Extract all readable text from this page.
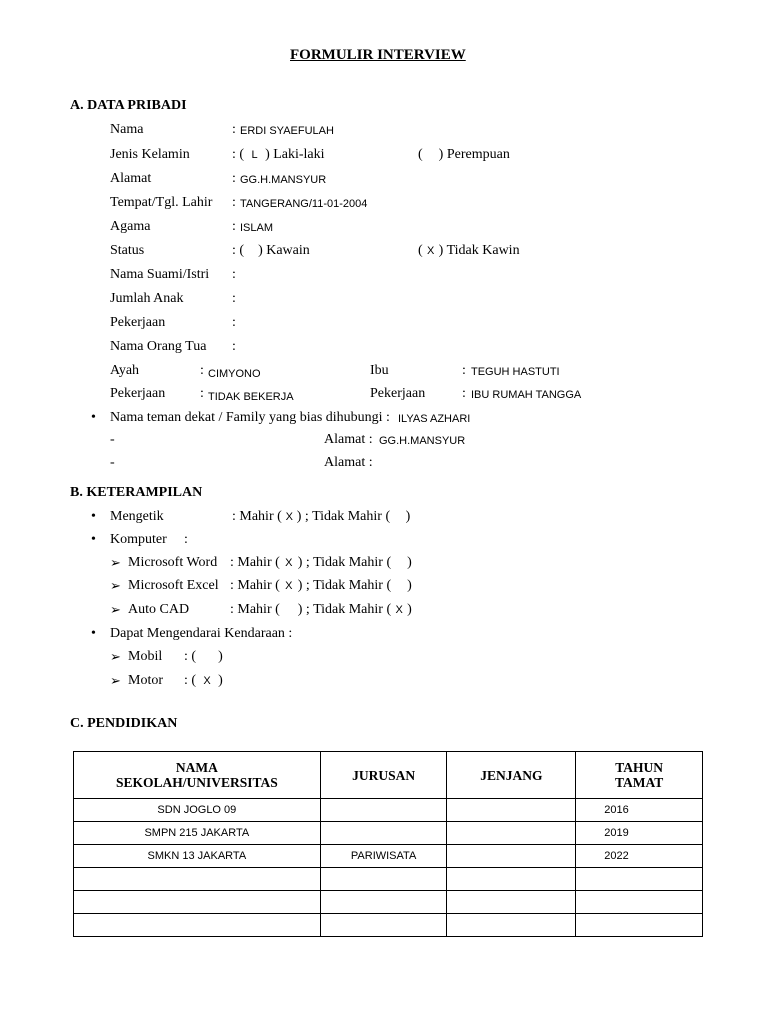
FORMULIR INTERVIEW
A. DATA PRIBADI
Nama	: ERDI SYAEFULAH
Jenis Kelamin	: ( L ) Laki-laki	( ) Perempuan
Alamat	: GG.H.MANSYUR
Tempat/Tgl. Lahir : TANGERANG/11-01-2004
Agama	: ISLAM
Status	: ( ) Kawain	( X ) Tidak Kawin
Nama Suami/Istri :
Jumlah Anak	:
Pekerjaan	:
Nama Orang Tua :
Ayah	: CIMYONO	Ibu	: TEGUH HASTUTI
Pekerjaan : TIDAK BEKERJA	Pekerjaan	: IBU RUMAH TANGGA
• Nama teman dekat / Family yang bias dihubungi : ILYAS AZHARI
-	Alamat : GG.H.MANSYUR
-	Alamat :
B. KETERAMPILAN
• Mengetik	: Mahir ( X ) ; Tidak Mahir ( )
• Komputer :
➢ Microsoft Word : Mahir ( X ) ; Tidak Mahir ( )
➢ Microsoft Excel : Mahir ( X ) ; Tidak Mahir ( )
➢ Auto CAD	: Mahir ( ) ; Tidak Mahir ( X )
• Dapat Mengendarai Kendaraan :
➢ Mobil : ( )
➢ Motor : ( X )
C. PENDIDIKAN
NAMA
SEKOLAH/UNIVERSITAS	JURUSAN	JENJANG	TAHUN
TAMAT
SDN JOGLO 09			2016
SMPN 215 JAKARTA			2019
SMKN 13 JAKARTA	PARIWISATA		2022
